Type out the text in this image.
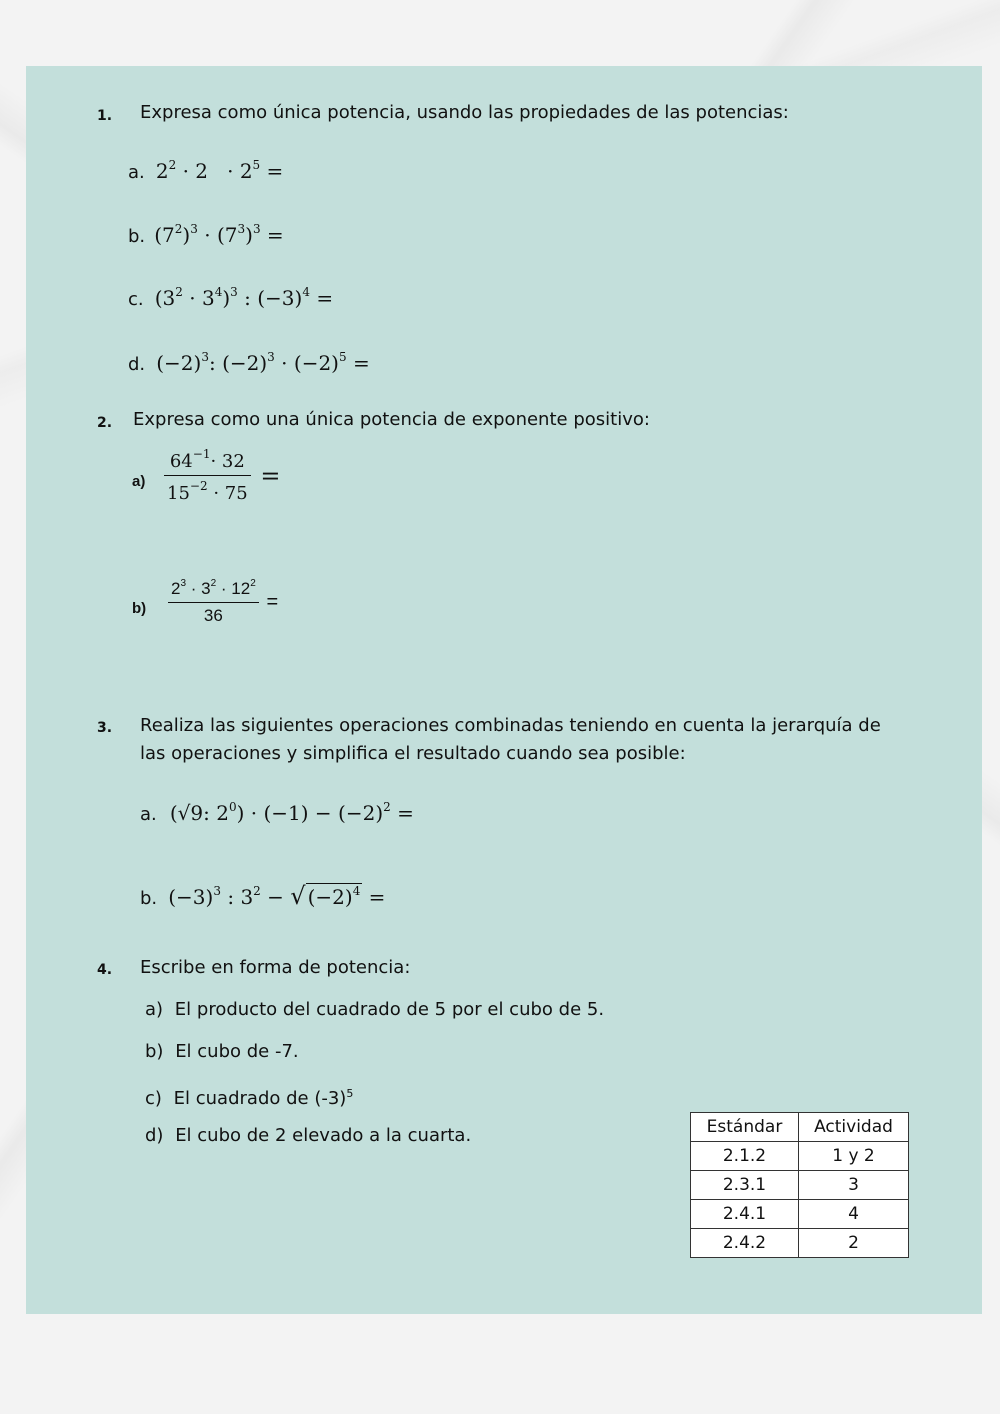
1. Expresa como única potencia, usando las propiedades de las potencias:
a. $2^2 \cdot 2 \cdot 2^5$ =
b. $(7^2)^3 \cdot (7^3)^3$ =
c. $(3^2 \cdot 3^4)^3$ : $(-3)^4$ =
d. $(-2)^3$: $(-2)^3 \cdot (-2)^5$ =
2. Expresa como una única potencia de exponente positivo:
$a) \frac{64^{-1}\cdot 32}{15^{-2} \cdot 75}$ =
$b) \frac{2^3 \cdot 3^2 \cdot 12^2}{36}$ =
3. Realiza las siguientes operaciones combinadas teniendo en cuenta la jerarquía de
las operaciones y simplifica el resultado cuando sea posible:
a. (√9: $2^0) \cdot (-1) - (-2)^2$ =
b. $(-3)^3$ : $3^2$ − √ $(-2)^4$ =
4. Escribe en forma de potencia:
a) El producto del cuadrado de 5 por el cubo de 5.
b) El cubo de -7.
c) El cuadrado de $(-3)^5$
d) El cubo de 2 elevado a la cuarta.	Estándar	Actividad
2.1.2	1 y 2
2.3.1	3
2.4.1	4
2.4.2	2
